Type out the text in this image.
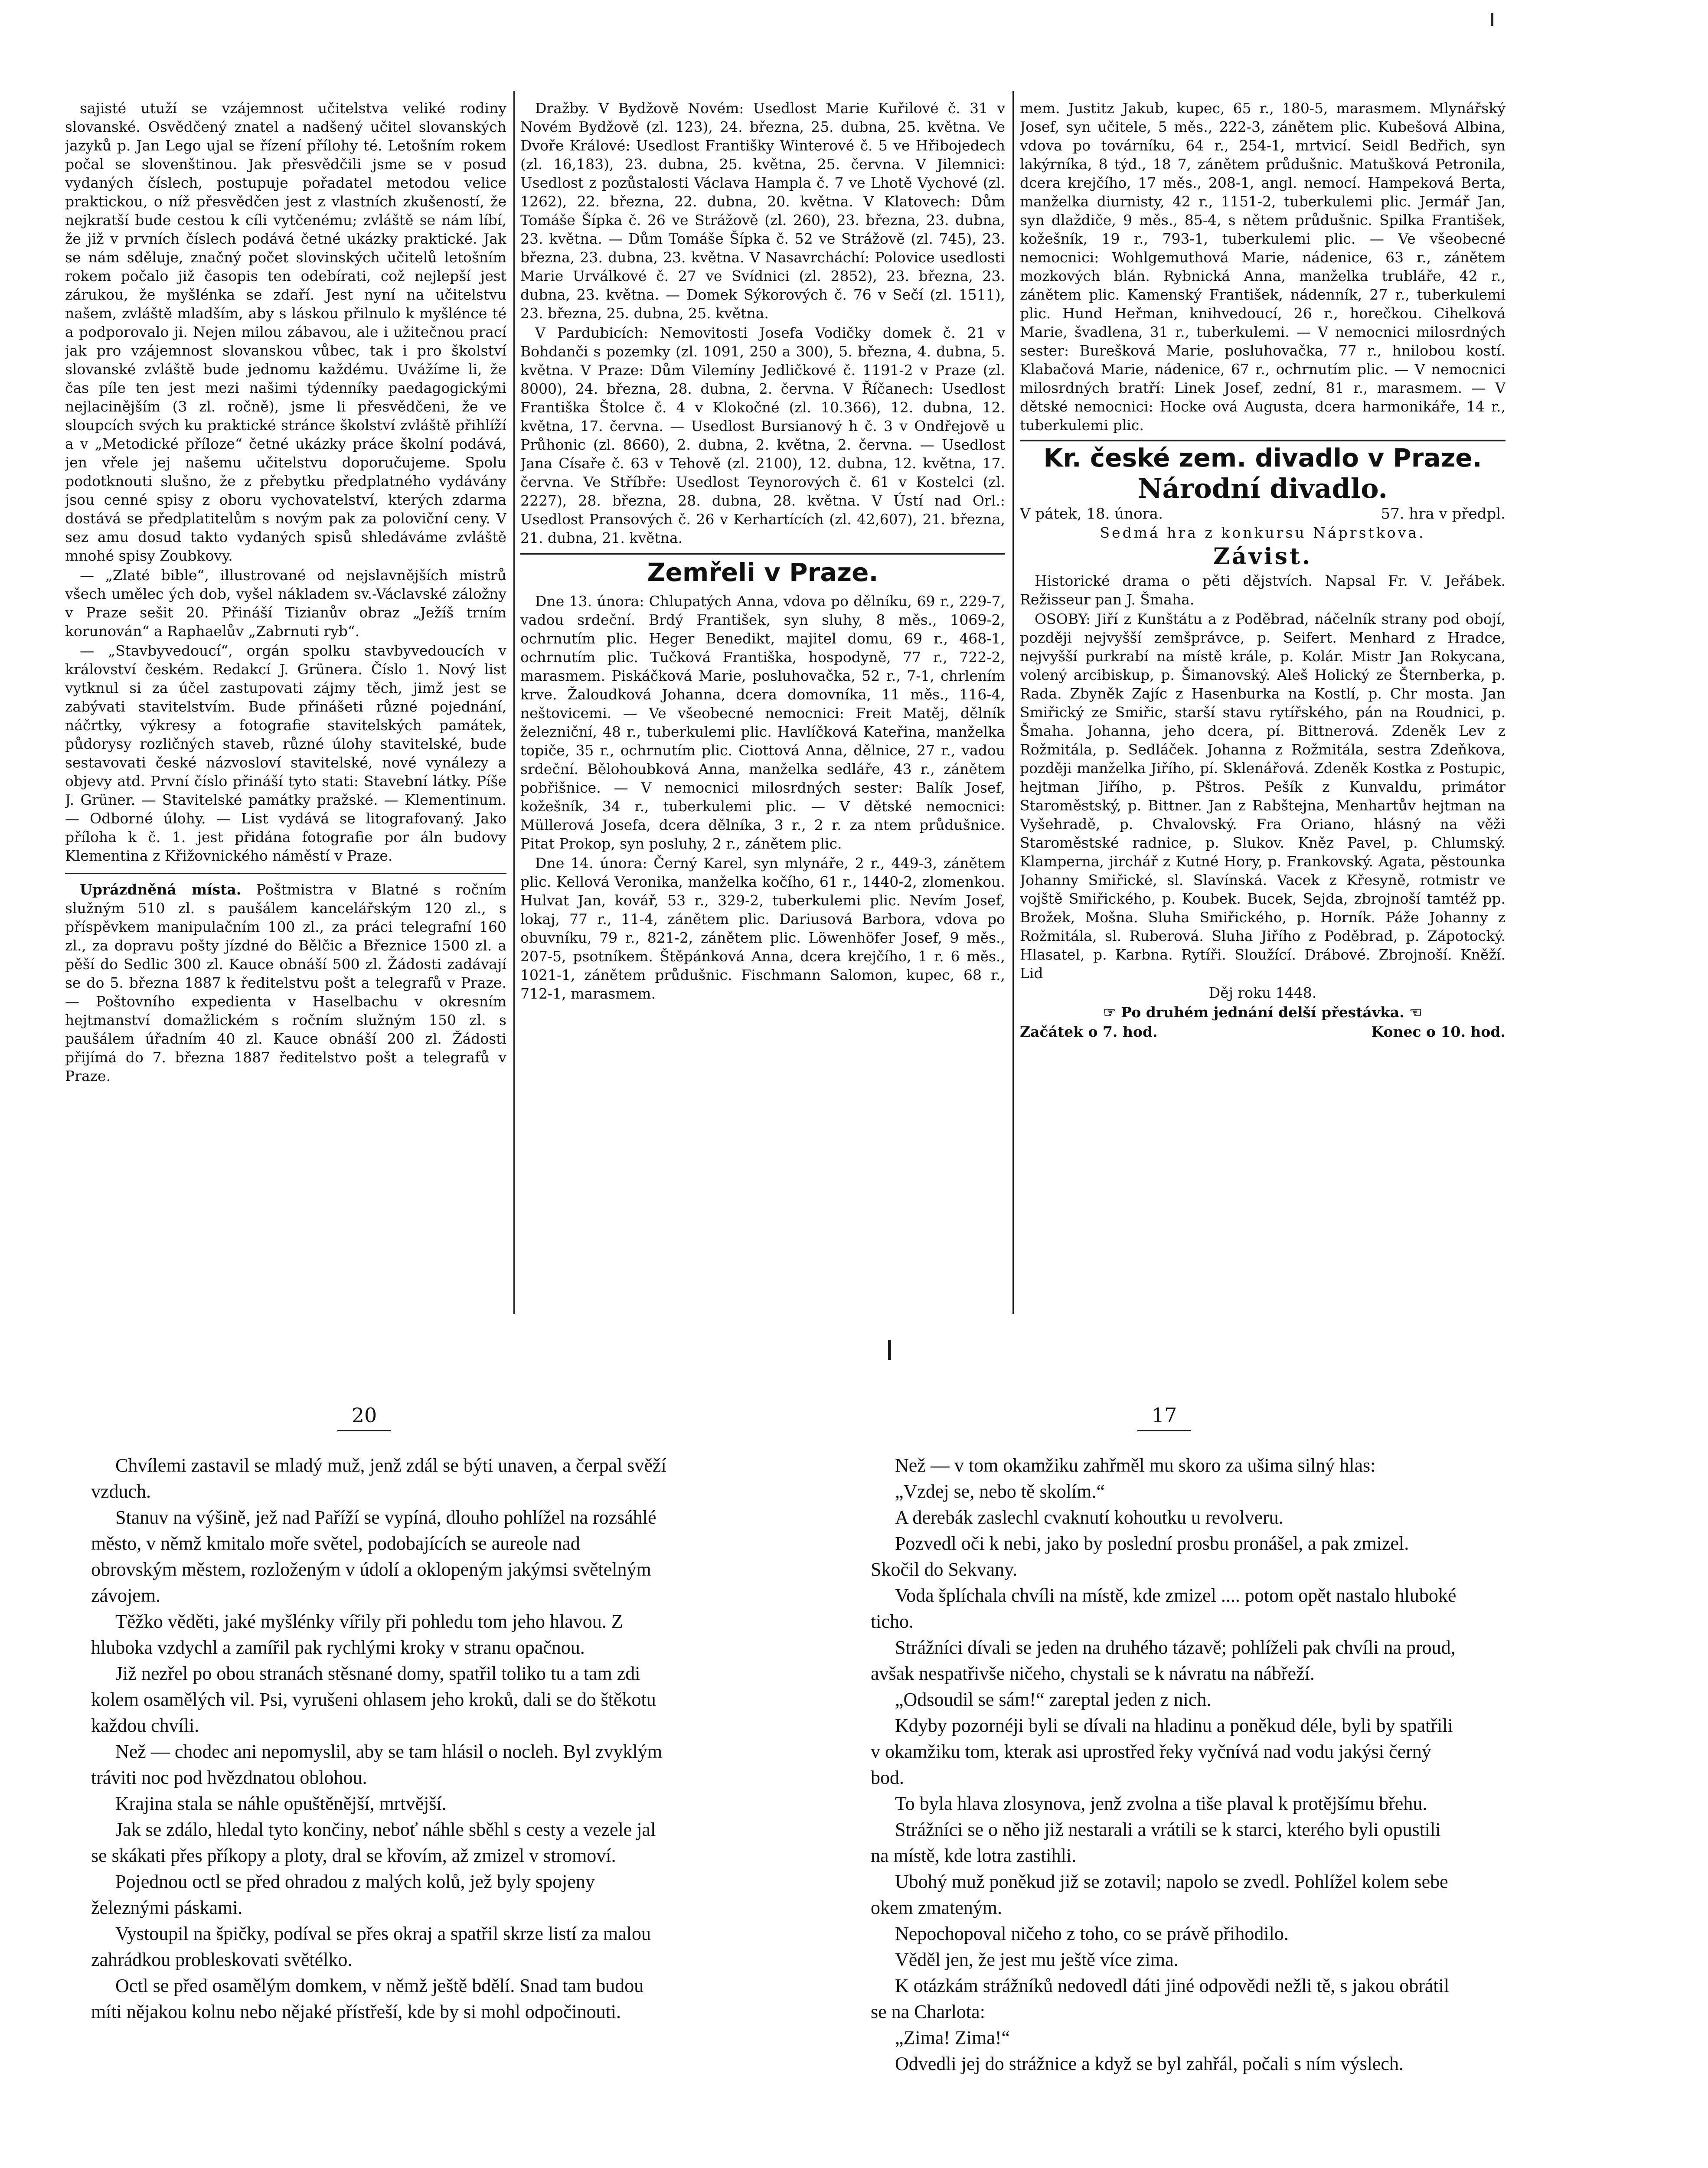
sajisté utuží se vzájemnost učitelstva veliké rodiny slovanské. Osvědčený znatel a nadšený učitel slovanských jazyků p. Jan Lego ujal se řízení přílohy té. Letošním rokem počal se slovenštinou. Jak přesvědčili jsme se v posud vydaných číslech, postupuje pořadatel metodou velice praktickou, o níž přesvědčen jest z vlastních zkušeností, že nejkratší bude cestou k cíli vytčenému; zvláště se nám líbí, že již v prvních číslech podává četné ukázky praktické. Jak se nám sděluje, značný počet slovinských učitelů letošním rokem počalo již časopis ten odebírati, což nejlepší jest zárukou, že myšlénka se zdaří. Jest nyní na učitelstvu našem, zvláště mladším, aby s láskou přilnulo k myšlénce té a podporovalo ji. Nejen milou zábavou, ale i užitečnou prací jak pro vzájemnost slovanskou vůbec, tak i pro školství slovanské zvláště bude jednomu každému. Uvážíme li, že čas píle ten jest mezi našimi týdenníky paedagogickými nejlacinějším (3 zl. ročně), jsme li přesvědčeni, že ve sloupcích svých ku praktické stránce školství zvláště přihlíží a v „Metodické příloze“ četné ukázky práce školní podává, jen vřele jej našemu učitelstvu doporučujeme. Spolu podotknouti slušno, že z přebytku předplatného vydávány jsou cenné spisy z oboru vychovatelství, kterých zdarma dostává se předplatitelům s novým pak za poloviční ceny. V sez amu dosud takto vydaných spisů shledáváme zvláště mnohé spisy Zoubkovy.

— „Zlaté bible“, illustrované od nejslavnějších mistrů všech umělec ých dob, vyšel nákladem sv.-Václavské záložny v Praze sešit 20. Přináší Tizianův obraz „Ježíš trním korunován“ a Raphaelův „Zabrnuti ryb“.

— „Stavbyvedoucí“, orgán spolku stavbyvedoucích v království českém. Redakcí J. Grünera. Číslo 1. Nový list vytknul si za účel zastupovati zájmy těch, jimž jest se zabývati stavitelstvím. Bude přinášeti různé pojednání, náčrtky, výkresy a fotografie stavitelských památek, půdorysy rozličných staveb, různé úlohy stavitelské, bude sestavovati české názvosloví stavitelské, nové vynálezy a objevy atd. První číslo přináší tyto stati: Stavební látky. Píše J. Grüner. — Stavitelské památky pražské. — Klementinum. — Odborné úlohy. — List vydává se litografovaný. Jako příloha k č. 1. jest přidána fotografie por áln budovy Klementina z Křižovnického náměstí v Praze.

Uprázdněná místa. Poštmistra v Blatné s ročním služným 510 zl. s paušálem kancelářským 120 zl., s příspěvkem manipulačním 100 zl., za práci telegrafní 160 zl., za dopravu pošty jízdné do Bělčic a Březnice 1500 zl. a pěší do Sedlic 300 zl. Kauce obnáší 500 zl. Žádosti zadávají se do 5. března 1887 k ředitelstvu pošt a telegrafů v Praze. — Poštovního expedienta v Haselbachu v okresním hejtmanství domažlickém s ročním služným 150 zl. s paušálem úřadním 40 zl. Kauce obnáší 200 zl. Žádosti přijímá do 7. března 1887 ředitelstvo pošt a telegrafů v Praze.

Dražby. V Bydžově Novém: Usedlost Marie Kuřilové č. 31 v Novém Bydžově (zl. 123), 24. března, 25. dubna, 25. května. Ve Dvoře Králové: Usedlost Františky Winterové č. 5 ve Hřibojedech (zl. 16,183), 23. dubna, 25. května, 25. června. V Jilemnici: Usedlost z pozůstalosti Václava Hampla č. 7 ve Lhotě Vychové (zl. 1262), 22. března, 22. dubna, 20. května. V Klatovech: Dům Tomáše Šípka č. 26 ve Strážově (zl. 260), 23. března, 23. dubna, 23. května. — Dům Tomáše Šípka č. 52 ve Strážově (zl. 745), 23. března, 23. dubna, 23. května. V Nasavrcháchí: Polovice usedlosti Marie Urválkové č. 27 ve Svídnici (zl. 2852), 23. března, 23. dubna, 23. května. — Domek Sýkorových č. 76 v Sečí (zl. 1511), 23. března, 25. dubna, 25. května.

V Pardubicích: Nemovitosti Josefa Vodičky domek č. 21 v Bohdanči s pozemky (zl. 1091, 250 a 300), 5. března, 4. dubna, 5. května. V Praze: Dům Vilemíny Jedličkové č. 1191-2 v Praze (zl. 8000), 24. března, 28. dubna, 2. června. V Říčanech: Usedlost Františka Štolce č. 4 v Klokočné (zl. 10.366), 12. dubna, 12. května, 17. června. — Usedlost Bursianový h č. 3 v Ondřejově u Průhonic (zl. 8660), 2. dubna, 2. května, 2. června. — Usedlost Jana Císaře č. 63 v Tehově (zl. 2100), 12. dubna, 12. května, 17. června. Ve Stříbře: Usedlost Teynorových č. 61 v Kostelci (zl. 2227), 28. března, 28. dubna, 28. května. V Ústí nad Orl.: Usedlost Pransových č. 26 v Kerhartících (zl. 42,607), 21. března, 21. dubna, 21. května.

Zemřeli v Praze.

Dne 13. února: Chlupatých Anna, vdova po dělníku, 69 r., 229-7, vadou srdeční. Brdý František, syn sluhy, 8 měs., 1069-2, ochrnutím plic. Heger Benedikt, majitel domu, 69 r., 468-1, ochrnutím plic. Tučková Františka, hospodyně, 77 r., 722-2, marasmem. Piskáčková Marie, posluhovačka, 52 r., 7-1, chrlením krve. Žaloudková Johanna, dcera domovníka, 11 měs., 116-4, neštovicemi. — Ve všeobecné nemocnici: Freit Matěj, dělník železniční, 48 r., tuberkulemi plic. Havlíčková Kateřina, manželka topiče, 35 r., ochrnutím plic. Ciottová Anna, dělnice, 27 r., vadou srdeční. Bělohoubková Anna, manželka sedláře, 43 r., zánětem pobřišnice. — V nemocnici milosrdných sester: Balík Josef, kožešník, 34 r., tuberkulemi plic. — V dětské nemocnici: Müllerová Josefa, dcera dělníka, 3 r., 2 r. za ntem průdušnice. Pitat Prokop, syn posluhy, 2 r., zánětem plic.

Dne 14. února: Černý Karel, syn mlynáře, 2 r., 449-3, zánětem plic. Kellová Veronika, manželka kočího, 61 r., 1440-2, zlomenkou. Hulvat Jan, kovář, 53 r., 329-2, tuberkulemi plic. Nevím Josef, lokaj, 77 r., 11-4, zánětem plic. Dariusová Barbora, vdova po obuvníku, 79 r., 821-2, zánětem plic. Löwenhöfer Josef, 9 měs., 207-5, psotníkem. Štěpánková Anna, dcera krejčího, 1 r. 6 měs., 1021-1, zánětem průdušnic. Fischmann Salomon, kupec, 68 r., 712-1, marasmem.

mem. Justitz Jakub, kupec, 65 r., 180-5, marasmem. Mlynářský Josef, syn učitele, 5 měs., 222-3, zánětem plic. Kubešová Albina, vdova po továrníku, 64 r., 254-1, mrtvicí. Seidl Bedřich, syn lakýrníka, 8 týd., 18 7, zánětem průdušnic. Matušková Petronila, dcera krejčího, 17 měs., 208-1, angl. nemocí. Hampeková Berta, manželka diurnisty, 42 r., 1151-2, tuberkulemi plic. Jermář Jan, syn dlaždiče, 9 měs., 85-4, s nětem průdušnic. Spilka František, kožešník, 19 r., 793-1, tuberkulemi plic. — Ve všeobecné nemocnici: Wohlgemuthová Marie, nádenice, 63 r., zánětem mozkových blán. Rybnická Anna, manželka trubláře, 42 r., zánětem plic. Kamenský František, nádenník, 27 r., tuberkulemi plic. Hund Heřman, knihvedoucí, 26 r., horečkou. Cihelková Marie, švadlena, 31 r., tuberkulemi. — V nemocnici milosrdných sester: Burešková Marie, posluhovačka, 77 r., hnilobou kostí. Klabačová Marie, nádenice, 67 r., ochrnutím plic. — V nemocnici milosrdných bratří: Linek Josef, zední, 81 r., marasmem. — V dětské nemocnici: Hocke ová Augusta, dcera harmonikáře, 14 r., tuberkulemi plic.

Kr. české zem. divadlo v Praze.
Národní divadlo.
V pátek, 18. února.	57. hra v předpl.

Sedmá hra z konkursu Náprstkova.

Závist.

Historické drama o pěti dějstvích. Napsal Fr. V. Jeřábek. Režisseur pan J. Šmaha.

OSOBY: Jiří z Kunštátu a z Poděbrad, náčelník strany pod obojí, později nejvyšší zemšprávce, p. Seifert. Menhard z Hradce, nejvyšší purkrabí na místě krále, p. Kolár. Mistr Jan Rokycana, volený arcibiskup, p. Šimanovský. Aleš Holický ze Šternberka, p. Rada. Zbyněk Zajíc z Hasenburka na Kostlí, p. Chr mosta. Jan Smiřický ze Smiřic, starší stavu rytířského, pán na Roudnici, p. Šmaha. Johanna, jeho dcera, pí. Bittnerová. Zdeněk Lev z Rožmitála, p. Sedláček. Johanna z Rožmitála, sestra Zdeňkova, později manželka Jiřího, pí. Sklenářová. Zdeněk Kostka z Postupic, hejtman Jiřího, p. Pštros. Pešík z Kunvaldu, primátor Staroměstský, p. Bittner. Jan z Rabštejna, Menhartův hejtman na Vyšehradě, p. Chvalovský. Fra Oriano, hlásný na věži Staroměstské radnice, p. Slukov. Kněz Pavel, p. Chlumský. Klamperna, jirchář z Kutné Hory, p. Frankovský. Agata, pěstounka Johanny Smiřické, sl. Slavínská. Vacek z Křesyně, rotmistr ve vojště Smiřického, p. Koubek. Bucek, Sejda, zbrojnoší tamtéž pp. Brožek, Mošna. Sluha Smiřického, p. Horník. Páže Johanny z Rožmitála, sl. Ruberová. Sluha Jiřího z Poděbrad, p. Zápotocký. Hlasatel, p. Karbna. Rytíři. Sloužící. Drábové. Zbrojnoší. Kněží. Lid

Děj roku 1448.

☞ Po druhém jednání delší přestávka. ☜

Začátek o 7. hod.	Konec o 10. hod.
20

Chvílemi zastavil se mladý muž, jenž zdál se býti unaven, a čerpal svěží vzduch.

Stanuv na výšině, jež nad Paříží se vypíná, dlouho pohlížel na rozsáhlé město, v němž kmitalo moře světel, podobajících se aureole nad obrovským městem, rozloženým v údolí a oklopeným jakýmsi světelným závojem.

Těžko věděti, jaké myšlénky vířily při pohledu tom jeho hlavou. Z hluboka vzdychl a zamířil pak rychlými kroky v stranu opačnou.

Již nezřel po obou stranách stěsnané domy, spatřil toliko tu a tam zdi kolem osamělých vil. Psi, vyrušeni ohlasem jeho kroků, dali se do štěkotu každou chvíli.

Než — chodec ani nepomyslil, aby se tam hlásil o nocleh. Byl zvyklým tráviti noc pod hvězdnatou oblohou.

Krajina stala se náhle opuštěnější, mrtvější.

Jak se zdálo, hledal tyto končiny, neboť náhle sběhl s cesty a vezele jal se skákati přes příkopy a ploty, dral se křovím, až zmizel v stromoví.

Pojednou octl se před ohradou z malých kolů, jež byly spojeny železnými páskami.

Vystoupil na špičky, podíval se přes okraj a spatřil skrze listí za malou zahrádkou probleskovati světélko.

Octl se před osamělým domkem, v němž ještě bdělí. Snad tam budou míti nějakou kolnu nebo nějaké přístřeší, kde by si mohl odpočinouti.

17

Než — v tom okamžiku zahřměl mu skoro za ušima silný hlas:

„Vzdej se, nebo tě skolím.“

A derebák zaslechl cvaknutí kohoutku u revolveru.

Pozvedl oči k nebi, jako by poslední prosbu pronášel, a pak zmizel. Skočil do Sekvany.

Voda šplíchala chvíli na místě, kde zmizel .... potom opět nastalo hluboké ticho.

Strážníci dívali se jeden na druhého tázavě; pohlíželi pak chvíli na proud, avšak nespatřivše ničeho, chystali se k návratu na nábřeží.

„Odsoudil se sám!“ zareptal jeden z nich.

Kdyby pozornéji byli se dívali na hladinu a poněkud déle, byli by spatřili v okamžiku tom, kterak asi uprostřed řeky vyčnívá nad vodu jakýsi černý bod.

To byla hlava zlosynova, jenž zvolna a tiše plaval k protějšímu břehu.

Strážníci se o něho již nestarali a vrátili se k starci, kterého byli opustili na místě, kde lotra zastihli.

Ubohý muž poněkud již se zotavil; napolo se zvedl. Pohlížel kolem sebe okem zmateným.

Nepochopoval ničeho z toho, co se právě přihodilo.

Věděl jen, že jest mu ještě více zima.

K otázkám strážníků nedovedl dáti jiné odpovědi nežli tě, s jakou obrátil se na Charlota:

„Zima! Zima!“

Odvedli jej do strážnice a když se byl zahřál, počali s ním výslech.
